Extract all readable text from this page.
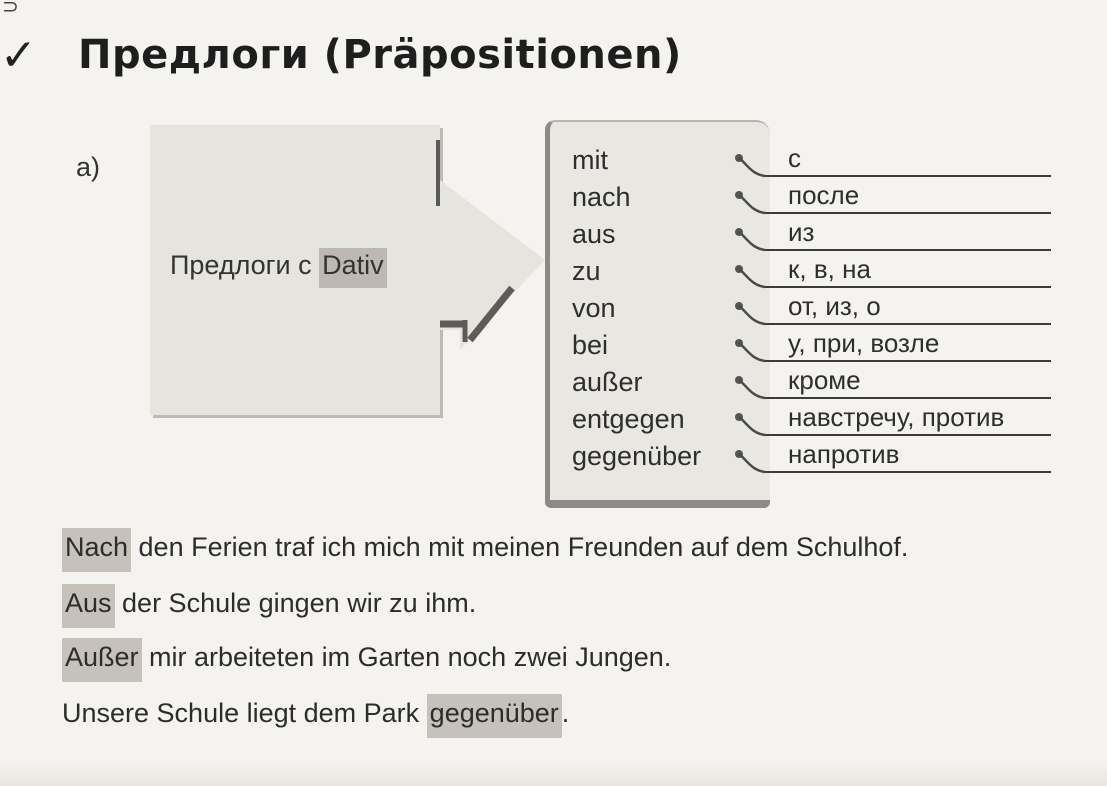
⊃
✓ Предлоги (Präpositionen)
a)
Предлоги с Dativ
mit
nach
aus
zu
von
bei
außer
entgegen
gegenüber
с
после
из
к, в, на
от, из, о
у, при, возле
кроме
навстречу, против
напротив
Nach den Ferien traf ich mich mit meinen Freunden auf dem Schulhof.
Aus der Schule gingen wir zu ihm.
Außer mir arbeiteten im Garten noch zwei Jungen.
Unsere Schule liegt dem Park gegenüber .
